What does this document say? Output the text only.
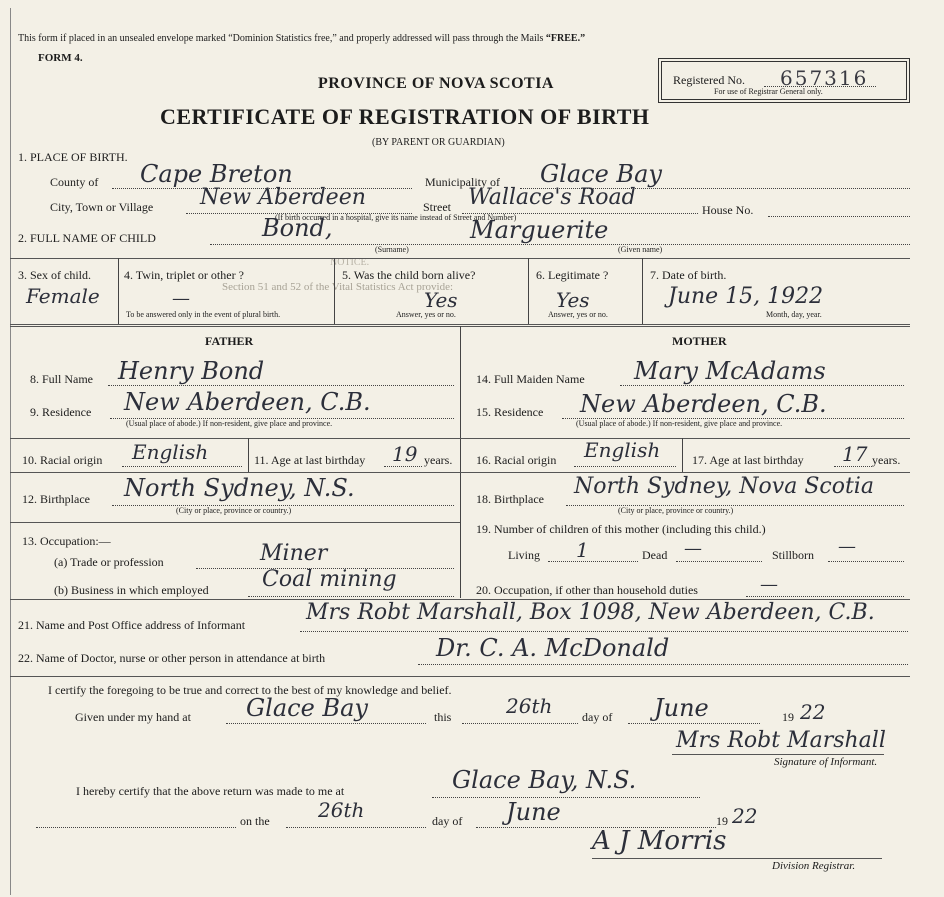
NOTICE.
Section 51 and 52 of the Vital Statistics Act provide:
This form if placed in an unsealed envelope marked “Dominion Statistics free,” and properly addressed will pass through the Mails “FREE.”
FORM 4.
Registered No. 657316
For use of Registrar General only.
PROVINCE OF NOVA SCOTIA
CERTIFICATE OF REGISTRATION OF BIRTH
(BY PARENT OR GUARDIAN)
1. PLACE OF BIRTH.
County of Cape Breton	Municipality of Glace Bay
City, Town or Village New Aberdeen	Street Wallace's Road	House No.
(If birth occurred in a hospital, give its name instead of Street and Number)
2. FULL NAME OF CHILD	Bond,	Marguerite
(Surname)	(Given name)
3. Sex of child.
Female
4. Twin, triplet or other ?
—
To be answered only in the event of plural birth.
5. Was the child born alive?
Yes
Answer, yes or no.
6. Legitimate ?
Yes
Answer, yes or no.
7. Date of birth.
June 15, 1922
Month, day, year.
FATHER	MOTHER
8. Full Name Henry Bond
9. Residence New Aberdeen, C.B.
(Usual place of abode.) If non-resident, give place and province.
10. Racial origin English	11. Age at last birthday 19 years.
12. Birthplace North Sydney, N.S.
(City or place, province or country.)
13. Occupation:—
(a) Trade or profession	Miner
(b) Business in which employed Coal mining
14. Full Maiden Name Mary McAdams
15. Residence New Aberdeen, C.B.
(Usual place of abode.) If non-resident, give place and province.
16. Racial origin English	17. Age at last birthday 17 years.
18. Birthplace North Sydney, Nova Scotia
(City or place, province or country.)
19. Number of children of this mother (including this child.)
Living 1	Dead —	Stillborn —
20. Occupation, if other than household duties	—
21. Name and Post Office address of Informant	Mrs Robt Marshall, Box 1098, New Aberdeen, C.B.
22. Name of Doctor, nurse or other person in attendance at birth	Dr. C. A. McDonald
I certify the foregoing to be true and correct to the best of my knowledge and belief.
Given under my hand at Glace Bay	this	26th day of June	19 22
Mrs Robt Marshall
Signature of Informant.
I hereby certify that the above return was made to me at	Glace Bay, N.S.
on the 26th	day of June	19 22
A J Morris
Division Registrar.
